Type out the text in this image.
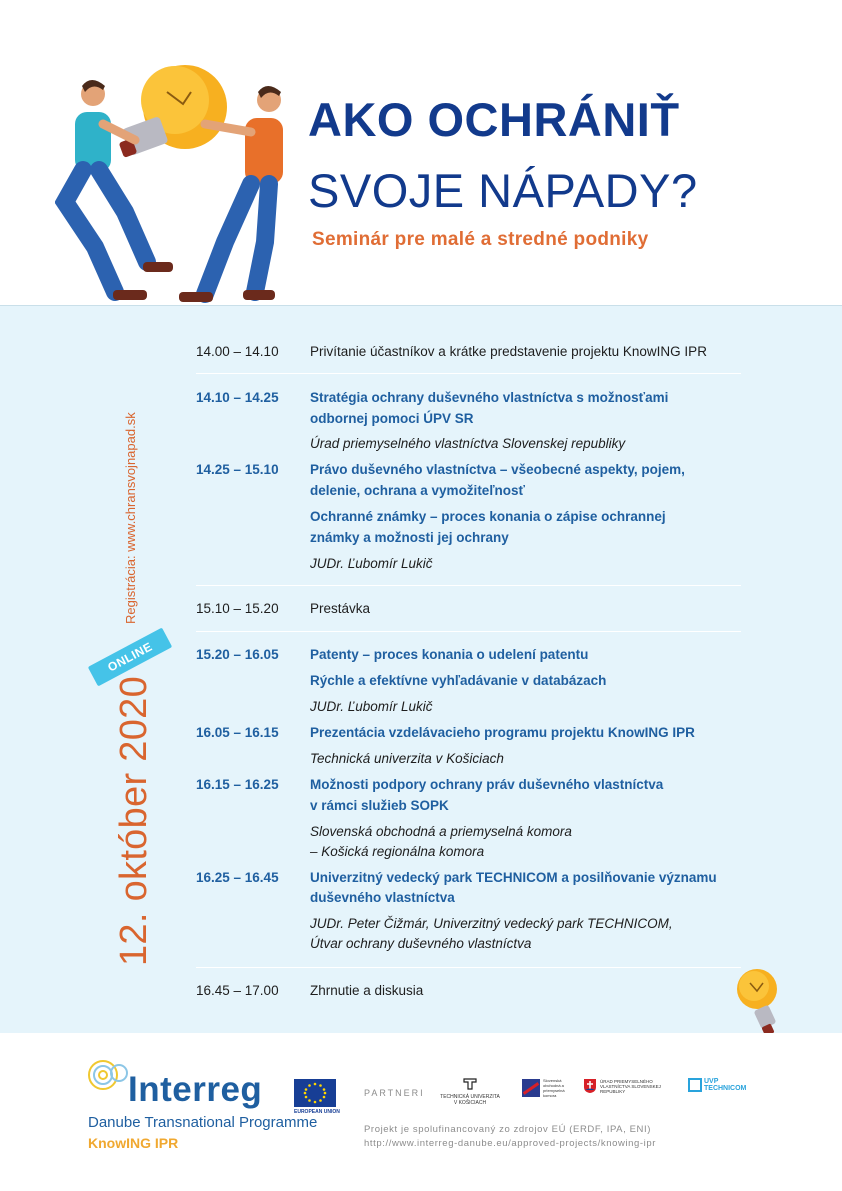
AKO OCHRÁNIŤ
SVOJE NÁPADY?
Seminár pre malé a stredné podniky
12. október 2020
Registrácia: www.chransvojnapad.sk
ONLINE
14.00 – 14.10 Privítanie účastníkov a krátke predstavenie projektu KnowING IPR
14.10 – 14.25 Stratégia ochrany duševného vlastníctva s možnosťami
odbornej pomoci ÚPV SR
Úrad priemyselného vlastníctva Slovenskej republiky
14.25 – 15.10 Právo duševného vlastníctva – všeobecné aspekty, pojem,
delenie, ochrana a vymožiteľnosť
Ochranné známky – proces konania o zápise ochrannej
známky a možnosti jej ochrany
JUDr. Ľubomír Lukič
15.10 – 15.20 Prestávka
15.20 – 16.05 Patenty – proces konania o udelení patentu
Rýchle a efektívne vyhľadávanie v databázach
JUDr. Ľubomír Lukič
16.05 – 16.15 Prezentácia vzdelávacieho programu projektu KnowING IPR
Technická univerzita v Košiciach
16.15 – 16.25 Možnosti podpory ochrany práv duševného vlastníctva
v rámci služieb SOPK
Slovenská obchodná a priemyselná komora
– Košická regionálna komora
16.25 – 16.45 Univerzitný vedecký park TECHNICOM a posilňovanie významu
duševného vlastníctva
JUDr. Peter Čižmár, Univerzitný vedecký park TECHNICOM,
Útvar ochrany duševného vlastníctva
16.45 – 17.00 Zhrnutie a diskusia
Interreg
EUROPEAN UNION
Danube Transnational Programme
KnowING IPR
PARTNERI	TECHNICKÁ UNIVERZITA V KOŠICIACH
Slovenská obchodná a priemyselná komora
ÚRAD PRIEMYSELNÉHO VLASTNÍCTVA SLOVENSKEJ REPUBLIKY
UVP TECHNICOM
Projekt je spolufinancovaný zo zdrojov EÚ (ERDF, IPA, ENI)
http://www.interreg-danube.eu/approved-projects/knowing-ipr
